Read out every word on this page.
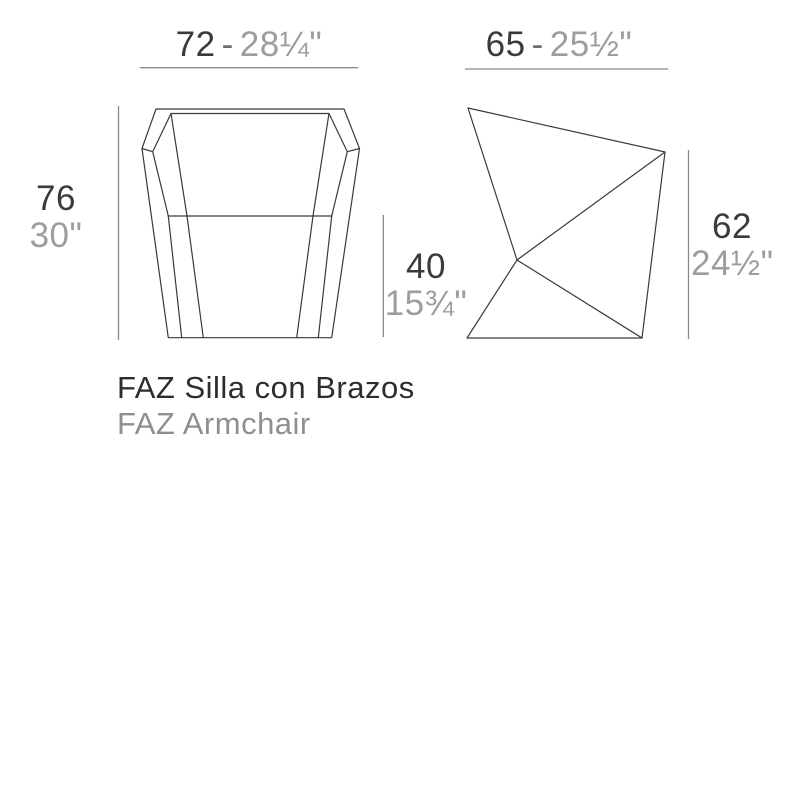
72 - 28¼"	65 - 25½"
76
30"
40
15¾"
62
24½"
FAZ Silla con Brazos
FAZ Armchair
